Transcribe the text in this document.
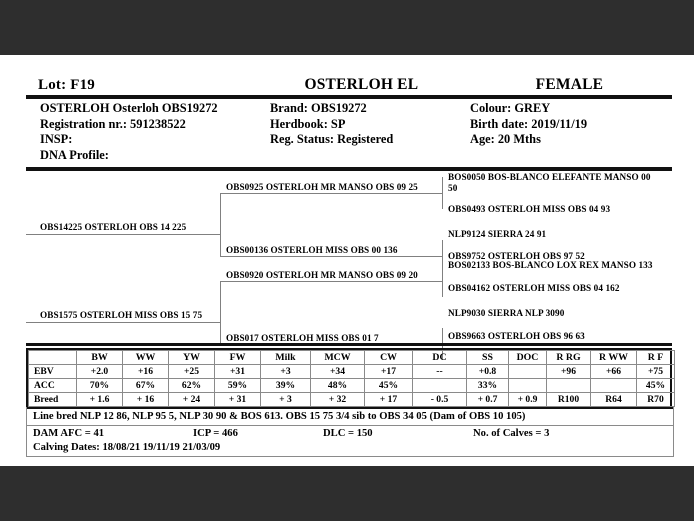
Lot: F19	OSTERLOH EL	FEMALE
OSTERLOH Osterloh OBS19272
Registration nr.: 591238522
INSP:
DNA Profile:
Brand: OBS19272
Herdbook: SP
Reg. Status: Registered
Colour: GREY
Birth date: 2019/11/19
Age: 20 Mths
OBS14225 OSTERLOH OBS 14 225
OBS0925 OSTERLOH MR MANSO OBS 09 25
OBS00136 OSTERLOH MISS OBS 00 136
BOS0050 BOS-BLANCO ELEFANTE MANSO 00 50
OBS0493 OSTERLOH MISS OBS 04 93
NLP9124 SIERRA 24 91
OBS9752 OSTERLOH OBS 97 52
OBS1575 OSTERLOH MISS OBS 15 75
OBS0920 OSTERLOH MR MANSO OBS 09 20
OBS017 OSTERLOH MISS OBS 01 7
BOS02133 BOS-BLANCO LOX REX MANSO 133
OBS04162 OSTERLOH MISS OBS 04 162
NLP9030 SIERRA NLP 3090
OBS9663 OSTERLOH OBS 96 63
	BW	WW	YW	FW	Milk	MCW	CW	DC	SS	DOC	R RG	R WW	R F
EBV	+2.0	+16	+25	+31	+3	+34	+17	--	+0.8		+96	+66	+75
ACC	70%	67%	62%	59%	39%	48%	45%		33%				45%
Breed	+ 1.6	+ 16	+ 24	+ 31	+ 3	+ 32	+ 17	- 0.5	+ 0.7	+ 0.9	R100	R64	R70
Line bred NLP 12 86, NLP 95 5, NLP 30 90 & BOS 613. OBS 15 75 3/4 sib to OBS 34 05 (Dam of OBS 10 105)
DAM AFC = 41	ICP = 466	DLC = 150	No. of Calves = 3
Calving Dates: 18/08/21 19/11/19 21/03/09
